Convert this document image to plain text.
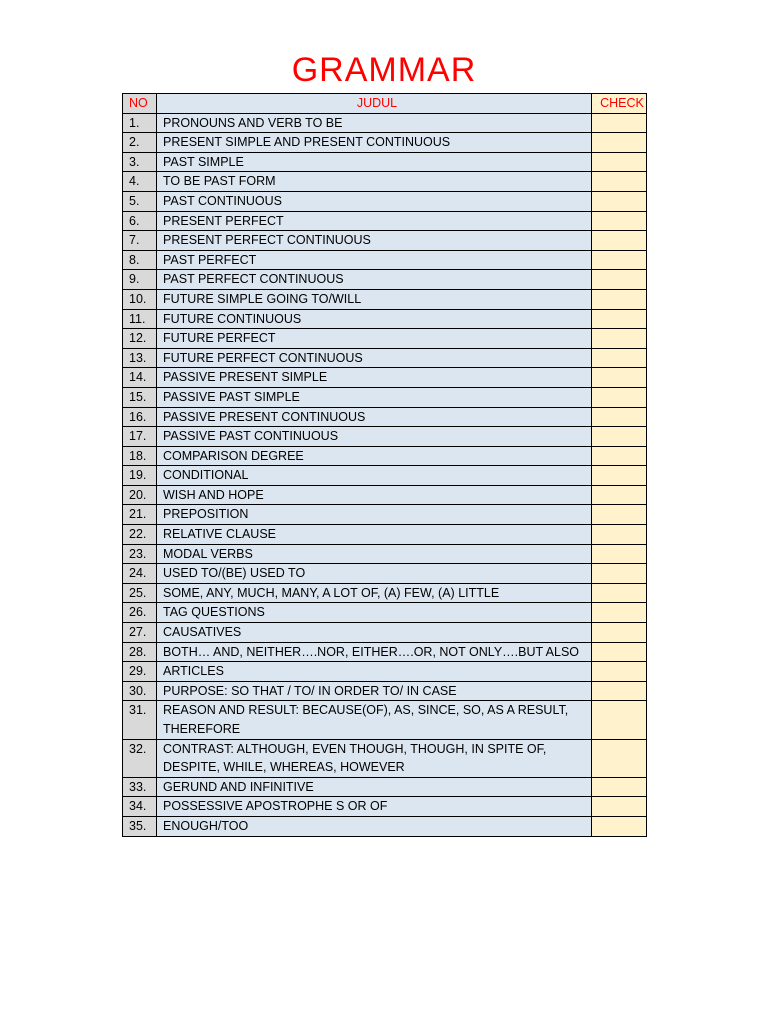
GRAMMAR
NO	JUDUL	CHECK
1.	PRONOUNS AND VERB TO BE	
2.	PRESENT SIMPLE AND PRESENT CONTINUOUS	
3.	PAST SIMPLE	
4.	TO BE PAST FORM	
5.	PAST CONTINUOUS	
6.	PRESENT PERFECT	
7.	PRESENT PERFECT CONTINUOUS	
8.	PAST PERFECT	
9.	PAST PERFECT CONTINUOUS	
10.	FUTURE SIMPLE GOING TO/WILL	
11.	FUTURE CONTINUOUS	
12.	FUTURE PERFECT	
13.	FUTURE PERFECT CONTINUOUS	
14.	PASSIVE PRESENT SIMPLE	
15.	PASSIVE PAST SIMPLE	
16.	PASSIVE PRESENT CONTINUOUS	
17.	PASSIVE PAST CONTINUOUS	
18.	COMPARISON DEGREE	
19.	CONDITIONAL	
20.	WISH AND HOPE	
21.	PREPOSITION	
22.	RELATIVE CLAUSE	
23.	MODAL VERBS	
24.	USED TO/(BE) USED TO	
25.	SOME, ANY, MUCH, MANY, A LOT OF, (A) FEW, (A) LITTLE	
26.	TAG QUESTIONS	
27.	CAUSATIVES	
28.	BOTH… AND, NEITHER….NOR, EITHER….OR, NOT ONLY….BUT ALSO	
29.	ARTICLES	
30.	PURPOSE: SO THAT / TO/ IN ORDER TO/ IN CASE	
31.	REASON AND RESULT: BECAUSE(OF), AS, SINCE, SO, AS A RESULT, THEREFORE	
32.	CONTRAST: ALTHOUGH, EVEN THOUGH, THOUGH, IN SPITE OF, DESPITE, WHILE, WHEREAS, HOWEVER	
33.	GERUND AND INFINITIVE	
34.	POSSESSIVE APOSTROPHE S OR OF	
35.	ENOUGH/TOO	
